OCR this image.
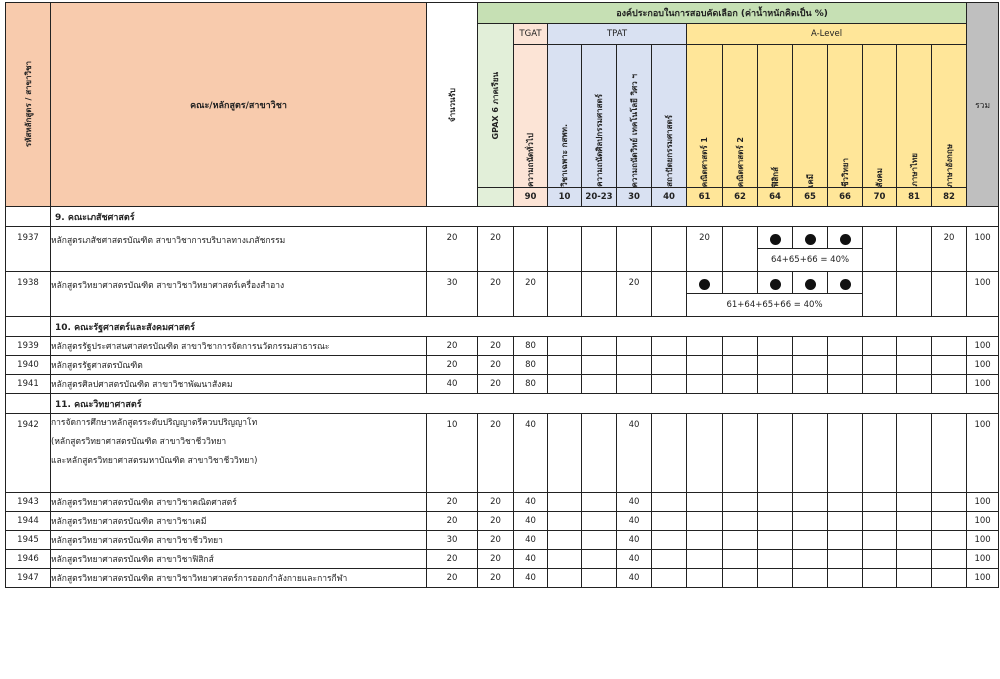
รหัสหลักสูตร / สาขาวิชา	คณะ/หลักสูตร/สาขาวิชา	จำนวนรับ	องค์ประกอบในการสอบคัดเลือก (ค่าน้ำหนักคิดเป็น %)														รวม

			GPAX 6 ภาคเรียน	TGAT	TPAT				A-Level								

				ความถนัดทั่วไป	วิชาเฉพาะ กสพท.	ความถนัดศิลปกรรมศาสตร์	ความถนัดวิทย์ เทคโนโลยี วิศว ฯ	สถาปัตยกรรมศาสตร์	คณิตศาสตร์ 1	คณิตศาสตร์ 2	ฟิสิกส์	เคมี	ชีววิทยา	สังคม	ภาษาไทย	ภาษาอังกฤษ	

				90	10	20-23	30	40	61	62	64	65	66	70	81	82	
	9. คณะเภสัชศาสตร์																
1937	หลักสูตรเภสัชศาสตรบัณฑิต สาขาวิชาการบริบาลทางเภสัชกรรม	20	20						20							20	100
											64+65+66 = 40%						
1938	หลักสูตรวิทยาศาสตรบัณฑิต สาขาวิชาวิทยาศาสตร์เครื่องสำอาง	30	20	20			20										100
									61+64+65+66 = 40%								
	10. คณะรัฐศาสตร์และสังคมศาสตร์																
1939	หลักสูตรรัฐประศาสนศาสตรบัณฑิต สาขาวิชาการจัดการนวัตกรรมสาธารณะ	20	20	80													100
1940	หลักสูตรรัฐศาสตรบัณฑิต	20	20	80													100
1941	หลักสูตรศิลปศาสตรบัณฑิต สาขาวิชาพัฒนาสังคม	40	20	80													100
	11. คณะวิทยาศาสตร์																
1942	การจัดการศึกษาหลักสูตรระดับปริญญาตรีควบปริญญาโท
(หลักสูตรวิทยาศาสตรบัณฑิต สาขาวิชาชีววิทยา
และหลักสูตรวิทยาศาสตรมหาบัณฑิต สาขาวิชาชีววิทยา)	10	20	40			40										100
1943	หลักสูตรวิทยาศาสตรบัณฑิต สาขาวิชาคณิตศาสตร์	20	20	40			40										100
1944	หลักสูตรวิทยาศาสตรบัณฑิต สาขาวิชาเคมี	20	20	40			40										100
1945	หลักสูตรวิทยาศาสตรบัณฑิต สาขาวิชาชีววิทยา	30	20	40			40										100
1946	หลักสูตรวิทยาศาสตรบัณฑิต สาขาวิชาฟิสิกส์	20	20	40			40										100
1947	หลักสูตรวิทยาศาสตรบัณฑิต สาขาวิชาวิทยาศาสตร์การออกกำลังกายและการกีฬา	20	20	40			40										100
